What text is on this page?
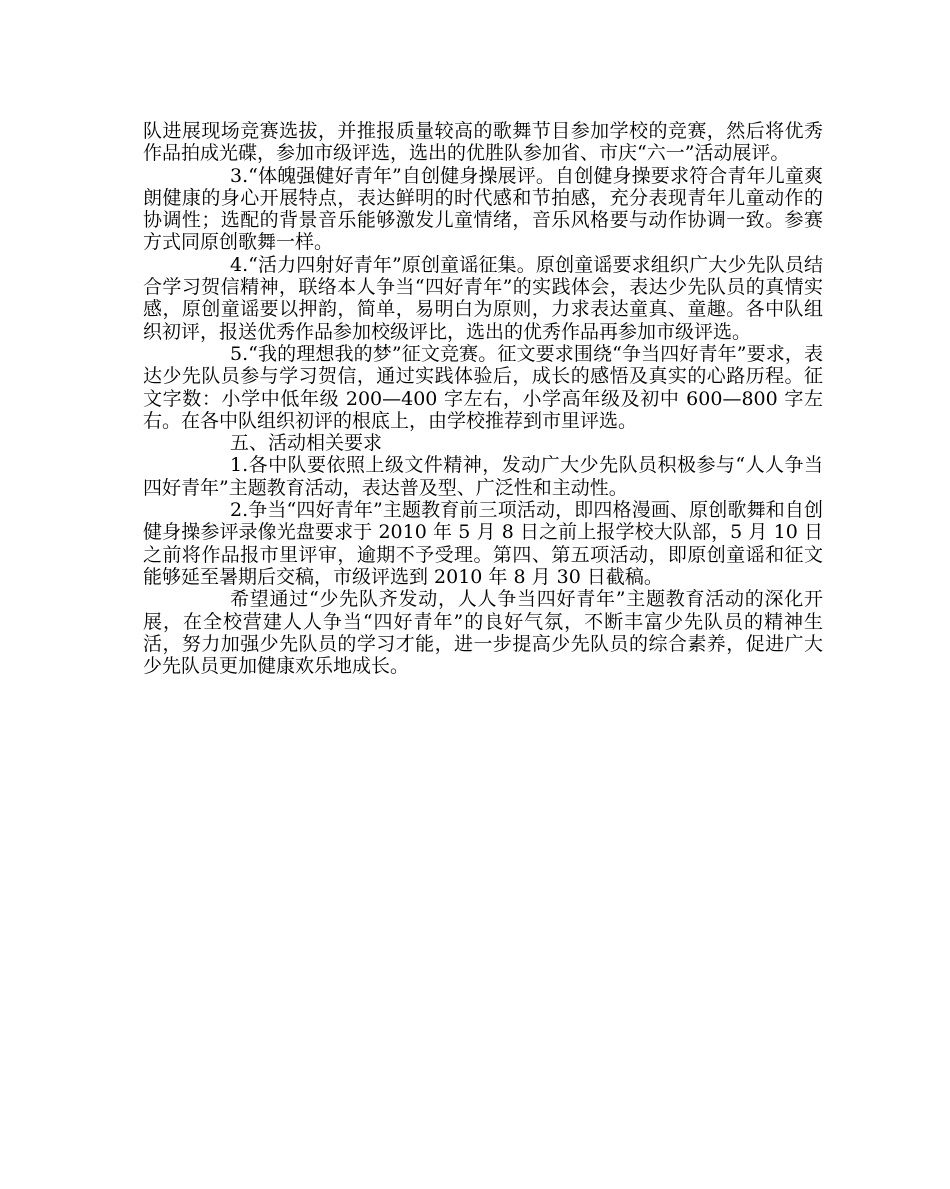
队进展现场竞赛选拔，并推报质量较高的歌舞节目参加学校的竞赛，然后将优秀作品拍成光碟，参加市级评选，选出的优胜队参加省、市庆“六一”活动展评。

3.“体魄强健好青年”自创健身操展评。自创健身操要求符合青年儿童爽朗健康的身心开展特点，表达鲜明的时代感和节拍感，充分表现青年儿童动作的协调性；选配的背景音乐能够激发儿童情绪，音乐风格要与动作协调一致。参赛方式同原创歌舞一样。

4.“活力四射好青年”原创童谣征集。原创童谣要求组织广大少先队员结合学习贺信精神，联络本人争当“四好青年”的实践体会，表达少先队员的真情实感，原创童谣要以押韵，简单，易明白为原则，力求表达童真、童趣。各中队组织初评，报送优秀作品参加校级评比，选出的优秀作品再参加市级评选。

5.“我的理想我的梦”征文竞赛。征文要求围绕“争当四好青年”要求，表达少先队员参与学习贺信，通过实践体验后，成长的感悟及真实的心路历程。征文字数：小学中低年级 200—400 字左右，小学高年级及初中 600—800 字左右。在各中队组织初评的根底上，由学校推荐到市里评选。

五、活动相关要求

1.各中队要依照上级文件精神，发动广大少先队员积极参与“人人争当四好青年”主题教育活动，表达普及型、广泛性和主动性。

2.争当“四好青年”主题教育前三项活动，即四格漫画、原创歌舞和自创健身操参评录像光盘要求于 2010 年 5 月 8 日之前上报学校大队部，5 月 10 日之前将作品报市里评审，逾期不予受理。第四、第五项活动，即原创童谣和征文能够延至暑期后交稿，市级评选到 2010 年 8 月 30 日截稿。

希望通过“少先队齐发动，人人争当四好青年”主题教育活动的深化开展，在全校营建人人争当“四好青年”的良好气氛，不断丰富少先队员的精神生活，努力加强少先队员的学习才能，进一步提高少先队员的综合素养，促进广大少先队员更加健康欢乐地成长。
